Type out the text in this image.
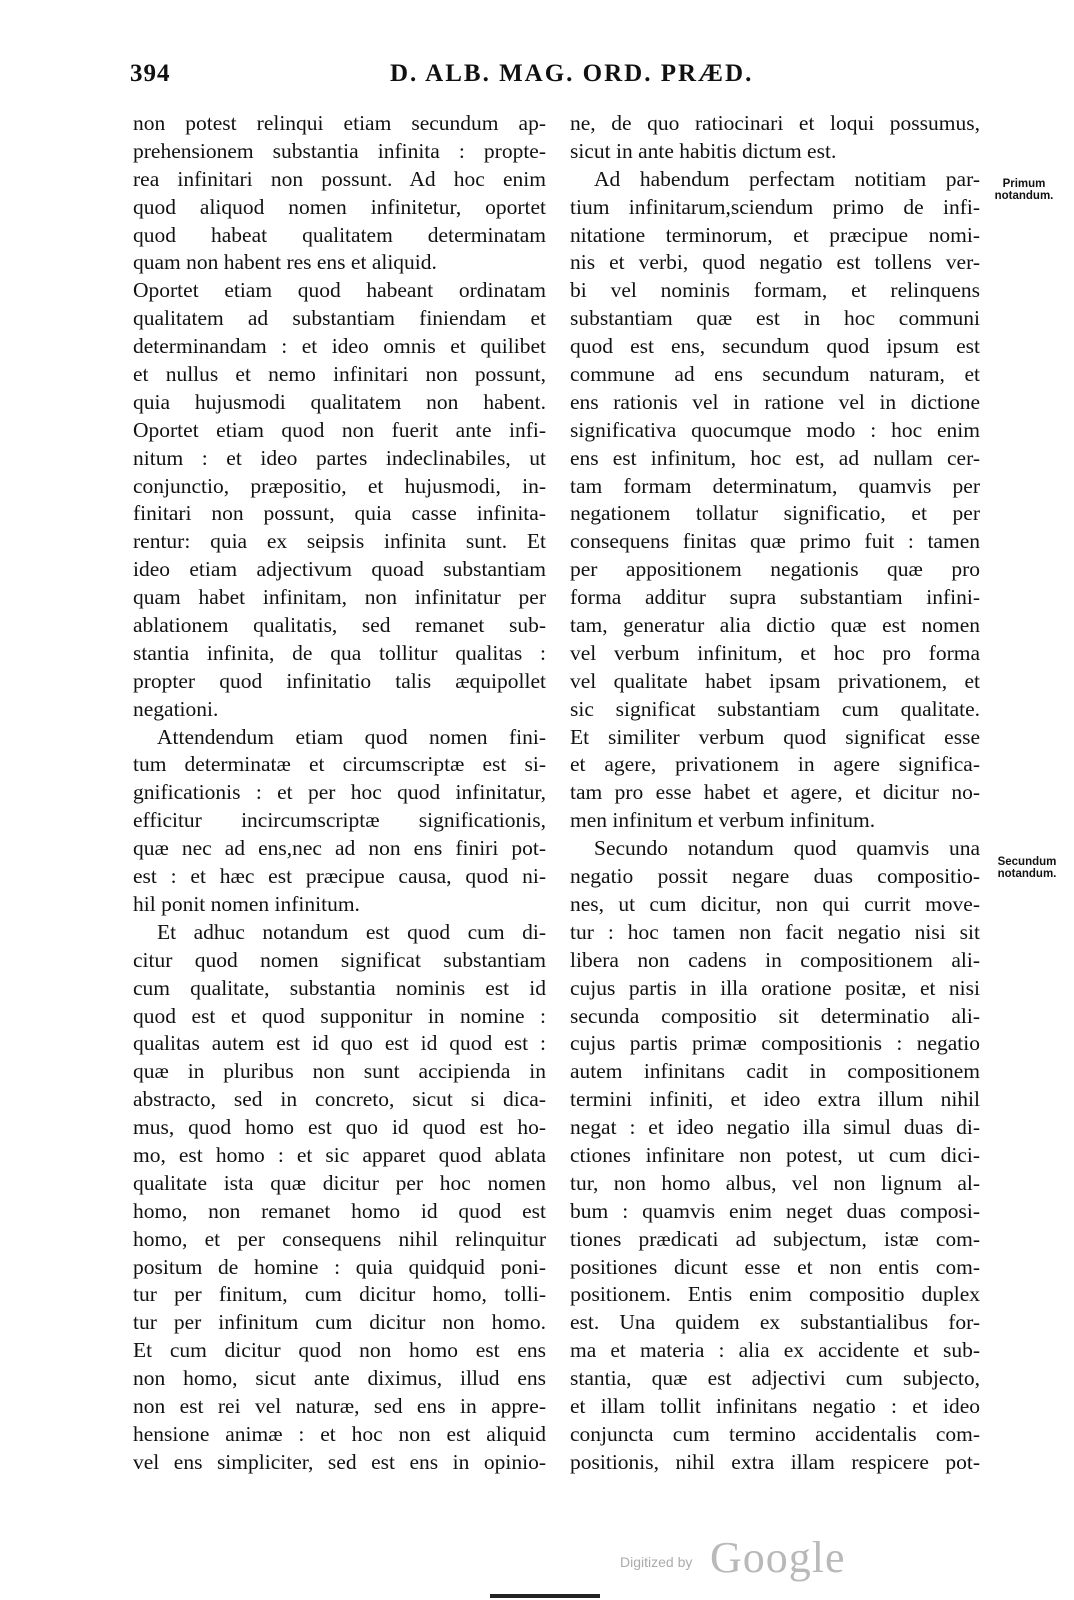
394	D. ALB. MAG. ORD. PRÆD.
non potest relinqui etiam secundum ap-
prehensionem substantia infinita : propte-
rea infinitari non possunt. Ad hoc enim
quod aliquod nomen infinitetur, oportet
quod habeat qualitatem determinatam
quam non habent res ens et aliquid.
Oportet etiam quod habeant ordinatam
qualitatem ad substantiam finiendam et
determinandam : et ideo omnis et quilibet
et nullus et nemo infinitari non possunt,
quia hujusmodi qualitatem non habent.
Oportet etiam quod non fuerit ante infi-
nitum : et ideo partes indeclinabiles, ut
conjunctio, præpositio, et hujusmodi, in-
finitari non possunt, quia casse infinita-
rentur: quia ex seipsis infinita sunt. Et
ideo etiam adjectivum quoad substantiam
quam habet infinitam, non infinitatur per
ablationem qualitatis, sed remanet sub-
stantia infinita, de qua tollitur qualitas :
propter quod infinitatio talis æquipollet
negationi.
Attendendum etiam quod nomen fini-
tum determinatæ et circumscriptæ est si-
gnificationis : et per hoc quod infinitatur,
efficitur incircumscriptæ significationis,
quæ nec ad ens,nec ad non ens finiri pot-
est : et hæc est præcipue causa, quod ni-
hil ponit nomen infinitum.
Et adhuc notandum est quod cum di-
citur quod nomen significat substantiam
cum qualitate, substantia nominis est id
quod est et quod supponitur in nomine :
qualitas autem est id quo est id quod est :
quæ in pluribus non sunt accipienda in
abstracto, sed in concreto, sicut si dica-
mus, quod homo est quo id quod est ho-
mo, est homo : et sic apparet quod ablata
qualitate ista quæ dicitur per hoc nomen
homo, non remanet homo id quod est
homo, et per consequens nihil relinquitur
positum de homine : quia quidquid poni-
tur per finitum, cum dicitur homo, tolli-
tur per infinitum cum dicitur non homo.
Et cum dicitur quod non homo est ens
non homo, sicut ante diximus, illud ens
non est rei vel naturæ, sed ens in appre-
hensione animæ : et hoc non est aliquid
vel ens simpliciter, sed est ens in opinio-
ne, de quo ratiocinari et loqui possumus,
sicut in ante habitis dictum est.
Ad habendum perfectam notitiam par-
tium infinitarum,sciendum primo de infi-
nitatione terminorum, et præcipue nomi-
nis et verbi, quod negatio est tollens ver-
bi vel nominis formam, et relinquens
substantiam quæ est in hoc communi
quod est ens, secundum quod ipsum est
commune ad ens secundum naturam, et
ens rationis vel in ratione vel in dictione
significativa quocumque modo : hoc enim
ens est infinitum, hoc est, ad nullam cer-
tam formam determinatum, quamvis per
negationem tollatur significatio, et per
consequens finitas quæ primo fuit : tamen
per appositionem negationis quæ pro
forma additur supra substantiam infini-
tam, generatur alia dictio quæ est nomen
vel verbum infinitum, et hoc pro forma
vel qualitate habet ipsam privationem, et
sic significat substantiam cum qualitate.
Et similiter verbum quod significat esse
et agere, privationem in agere significa-
tam pro esse habet et agere, et dicitur no-
men infinitum et verbum infinitum.
Secundo notandum quod quamvis una
negatio possit negare duas compositio-
nes, ut cum dicitur, non qui currit move-
tur : hoc tamen non facit negatio nisi sit
libera non cadens in compositionem ali-
cujus partis in illa oratione positæ, et nisi
secunda compositio sit determinatio ali-
cujus partis primæ compositionis : negatio
autem infinitans cadit in compositionem
termini infiniti, et ideo extra illum nihil
negat : et ideo negatio illa simul duas di-
ctiones infinitare non potest, ut cum dici-
tur, non homo albus, vel non lignum al-
bum : quamvis enim neget duas composi-
tiones prædicati ad subjectum, istæ com-
positiones dicunt esse et non entis com-
positionem. Entis enim compositio duplex
est. Una quidem ex substantialibus for-
ma et materia : alia ex accidente et sub-
stantia, quæ est adjectivi cum subjecto,
et illam tollit infinitans negatio : et ideo
conjuncta cum termino accidentalis com-
positionis, nihil extra illam respicere pot-
Primum notandum.
Secundum notandum.
Digitized by Google
